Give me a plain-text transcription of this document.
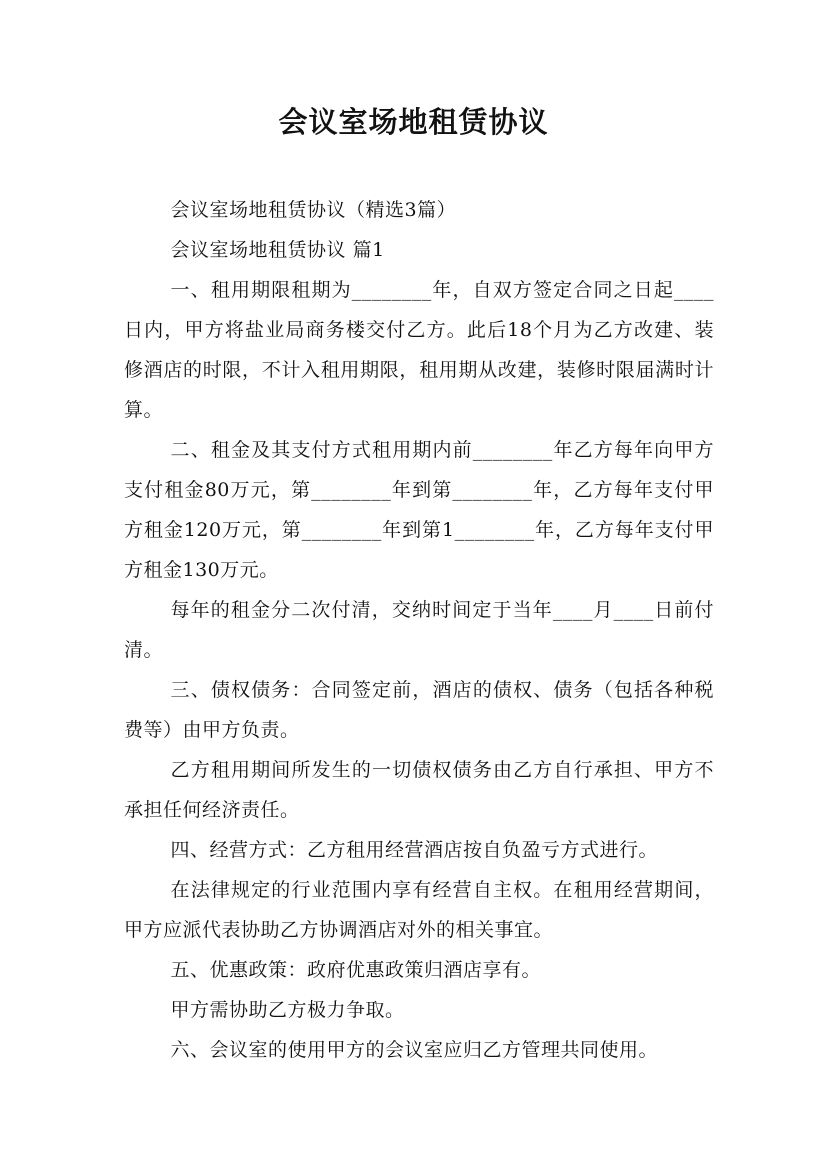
会议室场地租赁协议

会议室场地租赁协议（精选3篇）

会议室场地租赁协议 篇1

一、租用期限租期为________年，自双方签定合同之日起____日内，甲方将盐业局商务楼交付乙方。此后18个月为乙方改建、装修酒店的时限，不计入租用期限，租用期从改建，装修时限届满时计算。

二、租金及其支付方式租用期内前________年乙方每年向甲方支付租金80万元，第________年到第________年，乙方每年支付甲方租金120万元，第________年到第1________年，乙方每年支付甲方租金130万元。

每年的租金分二次付清，交纳时间定于当年____月____日前付清。

三、债权债务：合同签定前，酒店的债权、债务（包括各种税费等）由甲方负责。

乙方租用期间所发生的一切债权债务由乙方自行承担、甲方不承担任何经济责任。

四、经营方式：乙方租用经营酒店按自负盈亏方式进行。

在法律规定的行业范围内享有经营自主权。在租用经营期间，甲方应派代表协助乙方协调酒店对外的相关事宜。

五、优惠政策：政府优惠政策归酒店享有。

甲方需协助乙方极力争取。

六、会议室的使用甲方的会议室应归乙方管理共同使用。
